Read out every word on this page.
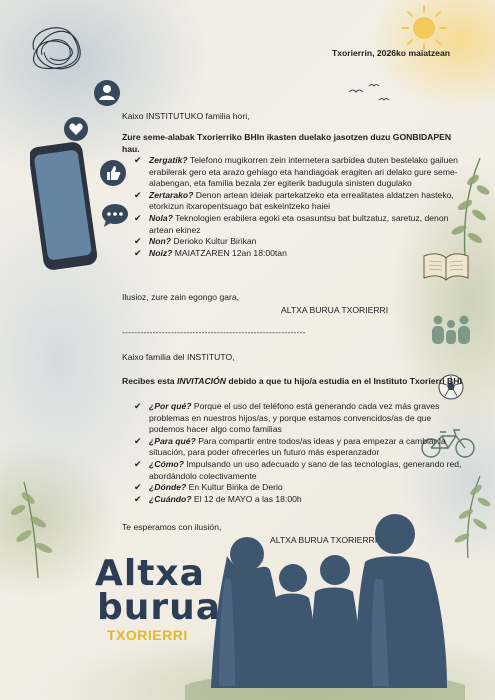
Txorierrin, 2026ko maiatzean
Kaixo INSTITUTUKO familia hori,
Zure seme-alabak Txorierriko BHIn ikasten duelako jasotzen duzu GONBIDAPEN hau.
✔ Zergatik? Telefono mugikorren zein internetera sarbidea duten bestelako gailuen erabilerak gero eta arazo gehiago eta handiagoak eragiten ari delako gure seme-alabengan, eta familia bezala zer egiterik badugula sinisten dugulako
✔ Zertarako? Denon artean ideiak partekatzeko eta errealitatea aldatzen hasteko, etorkizun itxaropentsuago bat eskeintzeko haiei
✔ Nola? Teknologien erabilera egoki eta osasuntsu bat bultzatuz, saretuz, denon artean ekinez
✔ Non? Derioko Kultur Birikan
✔ Noiz? MAIATZAREN 12an 18:00tan
Ilusioz, zure zain egongo gara,
ALTXA BURUA TXORIERRI
------------------------------------------------------------
Kaixo familia del INSTITUTO,
Recibes esta INVITACIÓN debido a que tu hijo/a estudia en el Instituto Txorierri BHI
✔ ¿Por qué? Porque el uso del teléfono está generando cada vez más graves problemas en nuestros hijos/as, y porque estamos convencidos/as de que podemos hacer algo como familias
✔ ¿Para qué? Para compartir entre todos/as ideas y para empezar a cambiar la situación, para poder ofrecerles un futuro más esperanzador
✔ ¿Cómo? Impulsando un uso adecuado y sano de las tecnologías, generando red, abordándolo colectivamente
✔ ¿Dónde? En Kultur Birika de Derio
✔ ¿Cuándo? El 12 de MAYO a las 18:00h
Te esperamos con ilusión,
ALTXA BURUA TXORIERRI
Altxa
burua
TXORIERRI
